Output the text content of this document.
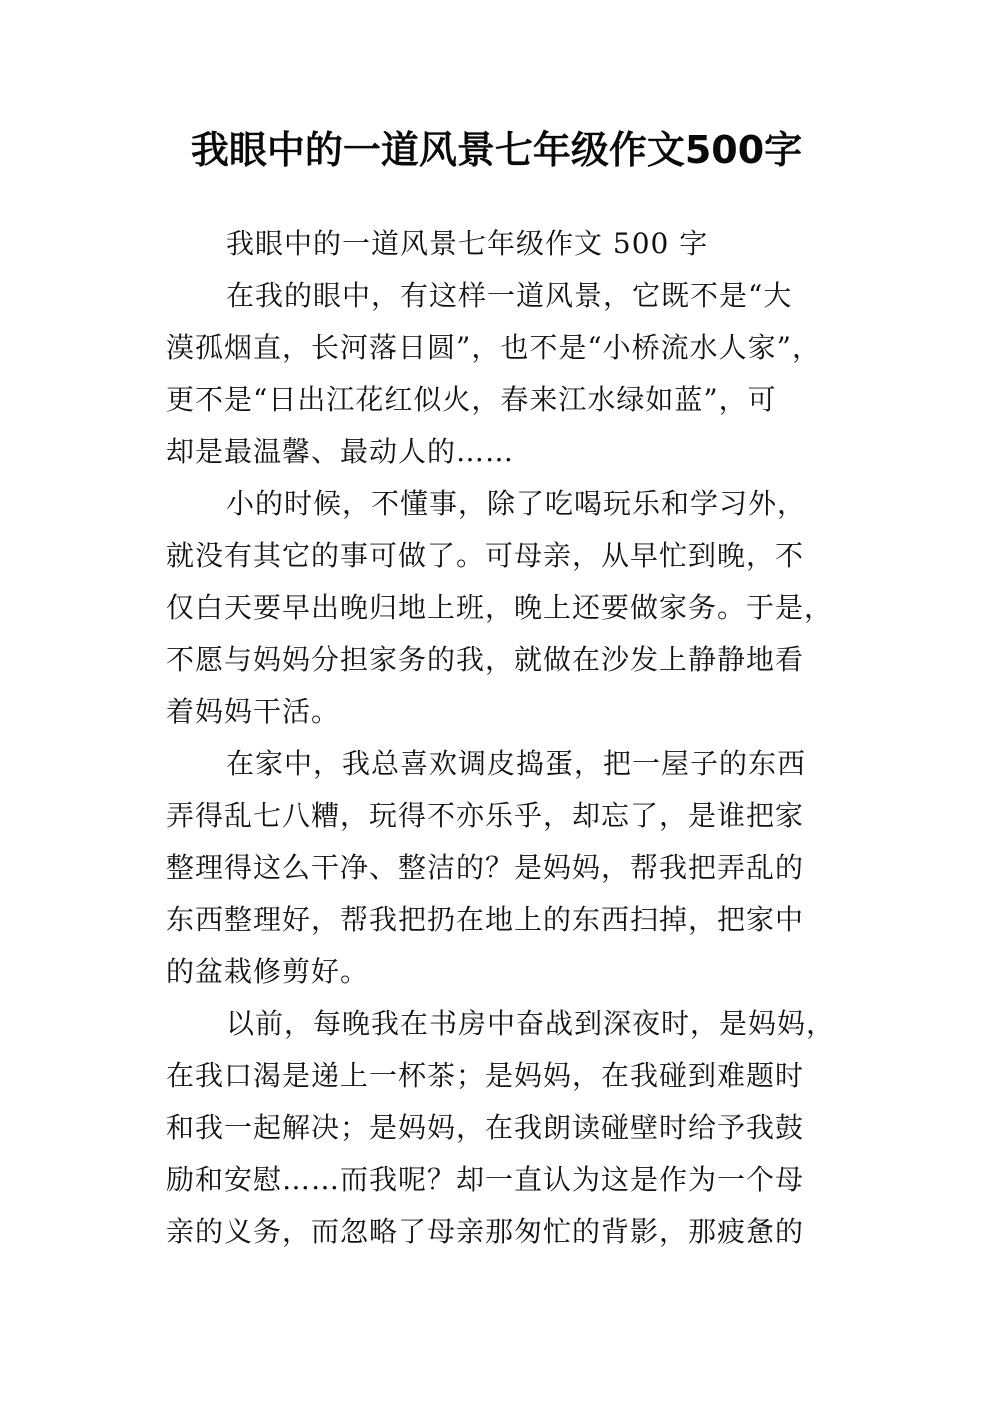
我眼中的一道风景七年级作文500字
我眼中的一道风景七年级作文 500 字
在我的眼中，有这样一道风景，它既不是“大
漠孤烟直，长河落日圆”，也不是“小桥流水人家”，
更不是“日出江花红似火，春来江水绿如蓝”，可
却是最温馨、最动人的……
小的时候，不懂事，除了吃喝玩乐和学习外，
就没有其它的事可做了。可母亲，从早忙到晚，不
仅白天要早出晚归地上班，晚上还要做家务。于是，
不愿与妈妈分担家务的我，就做在沙发上静静地看
着妈妈干活。
在家中，我总喜欢调皮捣蛋，把一屋子的东西
弄得乱七八糟，玩得不亦乐乎，却忘了，是谁把家
整理得这么干净、整洁的？是妈妈，帮我把弄乱的
东西整理好，帮我把扔在地上的东西扫掉，把家中
的盆栽修剪好。
以前，每晚我在书房中奋战到深夜时，是妈妈，
在我口渴是递上一杯茶；是妈妈，在我碰到难题时
和我一起解决；是妈妈，在我朗读碰壁时给予我鼓
励和安慰……而我呢？却一直认为这是作为一个母
亲的义务，而忽略了母亲那匆忙的背影，那疲惫的
